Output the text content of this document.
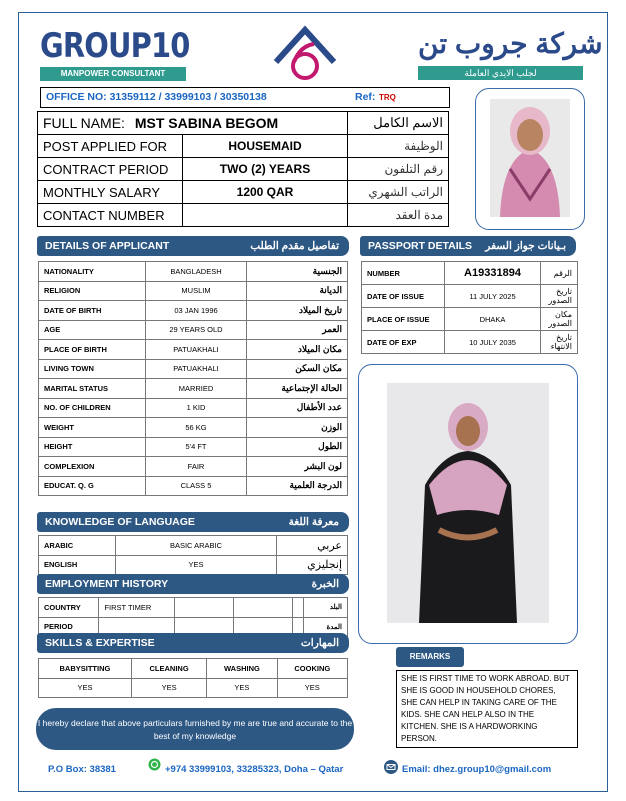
GROUP10
MANPOWER CONSULTANT
شركة جروب تن
لجلب الايدي العاملة
OFFICE NO: 31359112 / 33999103 / 30350138	Ref: TRQ
FULL NAME: MST SABINA BEGOM		الاسم الكامل
POST APPLIED FOR	HOUSEMAID	الوظيفة
CONTRACT PERIOD	TWO (2) YEARS	رقم التلفون
MONTHLY SALARY	1200 QAR	الراتب الشهري
CONTACT NUMBER		مدة العقد
DETAILS OF APPLICANT	تفاصيل مقدم الطلب
NATIONALITY	BANGLADESH	الجنسية
RELIGION	MUSLIM	الديانة
DATE OF BIRTH	03 JAN 1996	تاريخ الميلاد
AGE	29 YEARS OLD	العمر
PLACE OF BIRTH	PATUAKHALI	مكان الميلاد
LIVING TOWN	PATUAKHALI	مكان السكن
MARITAL STATUS	MARRIED	الحالة الإجتماعية
NO. OF CHILDREN	1 KID	عدد الأطفال
WEIGHT	56 KG	الوزن
HEIGHT	5'4 FT	الطول
COMPLEXION	FAIR	لون البشر
EDUCAT. Q. G	CLASS 5	الدرجة العلمية
PASSPORT DETAILS بـيانات جواز السفر
NUMBER	A19331894	الرقم
DATE OF ISSUE	11 JULY 2025	تاريخ الصدور
PLACE OF ISSUE	DHAKA	مكان الصدور
DATE OF EXP	10 JULY 2035	تاريخ الانتهاء
KNOWLEDGE OF LANGUAGE	معرفة اللغة
ARABIC	BASIC ARABIC	عربي
ENGLISH	YES	إنجليزي
EMPLOYMENT HISTORY	الخبرة
COUNTRY	FIRST TIMER				البلد
PERIOD					المدة
SKILLS & EXPERTISE	المهارات
BABYSITTING	CLEANING	WASHING	COOKING
YES	YES	YES	YES
REMARKS
SHE IS FIRST TIME TO WORK ABROAD. BUT SHE IS GOOD IN HOUSEHOLD CHORES, SHE CAN HELP IN TAKING CARE OF THE KIDS. SHE CAN HELP ALSO IN THE KITCHEN. SHE IS A HARDWORKING PERSON.
I hereby declare that above particulars furnished by me are true and accurate to the best of my knowledge
P.O Box: 38381	+974 33999103, 33285323, Doha – Qatar	Email: dhez.group10@gmail.com
